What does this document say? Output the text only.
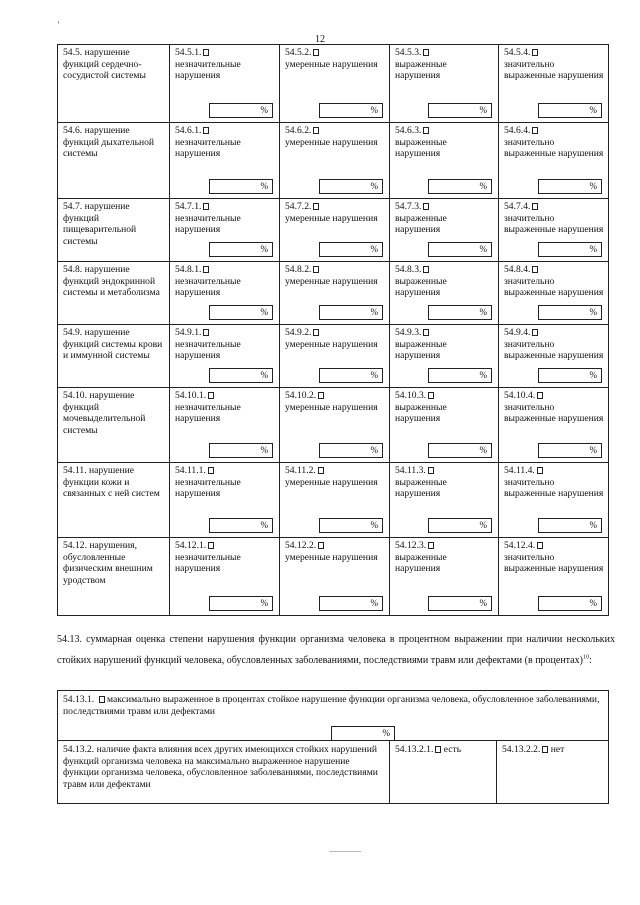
'
12
54.5. нарушение функций сердечно-сосудистой системы	54.5.1.
незначительные нарушения
%	54.5.2.
умеренные нарушения
%	54.5.3.
выраженные нарушения
%	54.5.4.
значительно выраженные нарушения
%

54.6. нарушение функций дыхательной системы	54.6.1.
незначительные нарушения
%	54.6.2.
умеренные нарушения
%	54.6.3.
выраженные нарушения
%	54.6.4.
значительно выраженные нарушения
%

54.7. нарушение функций пищеварительной системы	54.7.1.
незначительные нарушения
%	54.7.2.
умеренные нарушения
%	54.7.3.
выраженные нарушения
%	54.7.4.
значительно выраженные нарушения
%

54.8. нарушение функций эндокринной системы и метаболизма	54.8.1.
незначительные нарушения
%	54.8.2.
умеренные нарушения
%	54.8.3.
выраженные нарушения
%	54.8.4.
значительно выраженные нарушения
%

54.9. нарушение функций системы крови и иммунной системы	54.9.1.
незначительные нарушения
%	54.9.2.
умеренные нарушения
%	54.9.3.
выраженные нарушения
%	54.9.4.
значительно выраженные нарушения
%

54.10. нарушение функций мочевыделительной системы	54.10.1.
незначительные нарушения
%	54.10.2.
умеренные нарушения
%	54.10.3.
выраженные нарушения
%	54.10.4.
значительно выраженные нарушения
%

54.11. нарушение функции кожи и связанных с ней систем	54.11.1.
незначительные нарушения
%	54.11.2.
умеренные нарушения
%	54.11.3.
выраженные нарушения
%	54.11.4.
значительно выраженные нарушения
%

54.12. нарушения, обусловленные физическим внешним уродством	54.12.1.
незначительные нарушения
%	54.12.2.
умеренные нарушения
%	54.12.3.
выраженные нарушения
%	54.12.4.
значительно выраженные нарушения
%
54.13. суммарная оценка степени нарушения функции организма человека в процентном выражении при наличии нескольких стойких нарушений функций человека, обусловленных заболеваниями, последствиями травм или дефектами (в процентах)$^{10}$:
54.13.1. максимально выраженное в процентах стойкое нарушение функции организма человека, обусловленное заболеваниями, последствиями травм или дефектами
%

54.13.2. наличие факта влияния всех других имеющихся стойких нарушений функций организма человека на максимально выраженное нарушение функции организма человека, обусловленное заболеваниями, последствиями травм или дефектами	54.13.2.1. есть	54.13.2.2. нет
